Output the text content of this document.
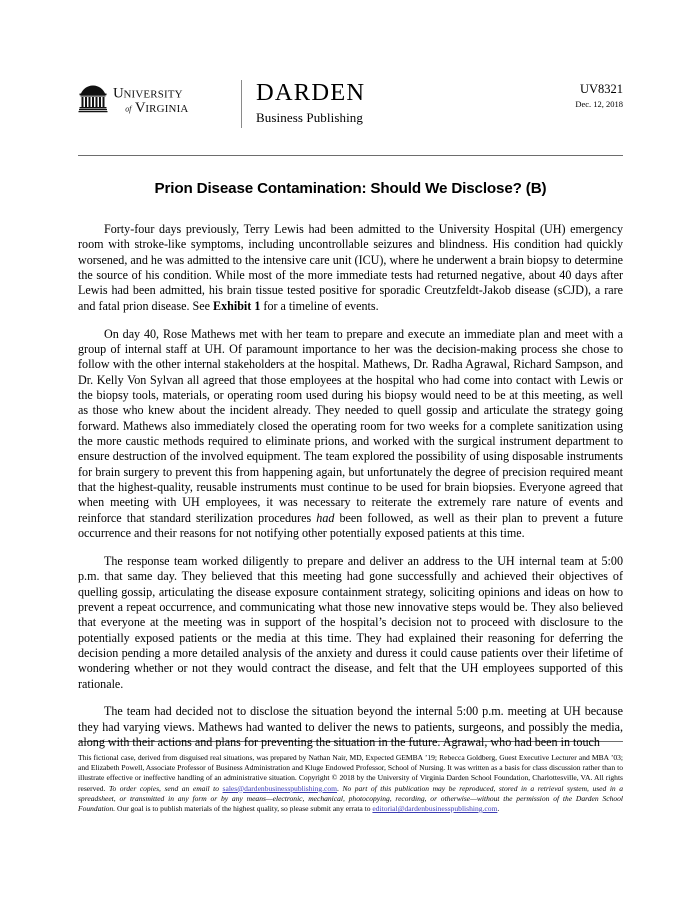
U NIVERSITY
of V IRGINIA
DARDEN
Business Publishing
UV8321
Dec. 12, 2018
Prion Disease Contamination: Should We Disclose? (B)

Forty-four days previously, Terry Lewis had been admitted to the University Hospital (UH) emergency room with stroke-like symptoms, including uncontrollable seizures and blindness. His condition had quickly worsened, and he was admitted to the intensive care unit (ICU), where he underwent a brain biopsy to determine the source of his condition. While most of the more immediate tests had returned negative, about 40 days after Lewis had been admitted, his brain tissue tested positive for sporadic Creutzfeldt-Jakob disease (sCJD), a rare and fatal prion disease. See Exhibit 1 for a timeline of events.

On day 40, Rose Mathews met with her team to prepare and execute an immediate plan and meet with a group of internal staff at UH. Of paramount importance to her was the decision-making process she chose to follow with the other internal stakeholders at the hospital. Mathews, Dr. Radha Agrawal, Richard Sampson, and Dr. Kelly Von Sylvan all agreed that those employees at the hospital who had come into contact with Lewis or the biopsy tools, materials, or operating room used during his biopsy would need to be at this meeting, as well as those who knew about the incident already. They needed to quell gossip and articulate the strategy going forward. Mathews also immediately closed the operating room for two weeks for a complete sanitization using the more caustic methods required to eliminate prions, and worked with the surgical instrument department to ensure destruction of the involved equipment. The team explored the possibility of using disposable instruments for brain surgery to prevent this from happening again, but unfortunately the degree of precision required meant that the highest-quality, reusable instruments must continue to be used for brain biopsies. Everyone agreed that when meeting with UH employees, it was necessary to reiterate the extremely rare nature of events and reinforce that standard sterilization procedures had been followed, as well as their plan to prevent a future occurrence and their reasons for not notifying other potentially exposed patients at this time.

The response team worked diligently to prepare and deliver an address to the UH internal team at 5:00 p.m. that same day. They believed that this meeting had gone successfully and achieved their objectives of quelling gossip, articulating the disease exposure containment strategy, soliciting opinions and ideas on how to prevent a repeat occurrence, and communicating what those new innovative steps would be. They also believed that everyone at the meeting was in support of the hospital’s decision not to proceed with disclosure to the potentially exposed patients or the media at this time. They had explained their reasoning for deferring the decision pending a more detailed analysis of the anxiety and duress it could cause patients over their lifetime of wondering whether or not they would contract the disease, and felt that the UH employees supported of this rationale.

The team had decided not to disclose the situation beyond the internal 5:00 p.m. meeting at UH because they had varying views. Mathews had wanted to deliver the news to patients, surgeons, and possibly the media, along with their actions and plans for preventing the situation in the future. Agrawal, who had been in touch

This fictional case, derived from disguised real situations, was prepared by Nathan Nair, MD, Expected GEMBA ’19; Rebecca Goldberg, Guest Executive Lecturer and MBA ’03; and Elizabeth Powell, Associate Professor of Business Administration and Kluge Endowed Professor, School of Nursing. It was written as a basis for class discussion rather than to illustrate effective or ineffective handling of an administrative situation. Copyright © 2018 by the University of Virginia Darden School Foundation, Charlottesville, VA. All rights reserved. To order copies, send an email to sales@dardenbusinesspublishing.com. No part of this publication may be reproduced, stored in a retrieval system, used in a spreadsheet, or transmitted in any form or by any means—electronic, mechanical, photocopying, recording, or otherwise—without the permission of the Darden School Foundation. Our goal is to publish materials of the highest quality, so please submit any errata to editorial@dardenbusinesspublishing.com.
